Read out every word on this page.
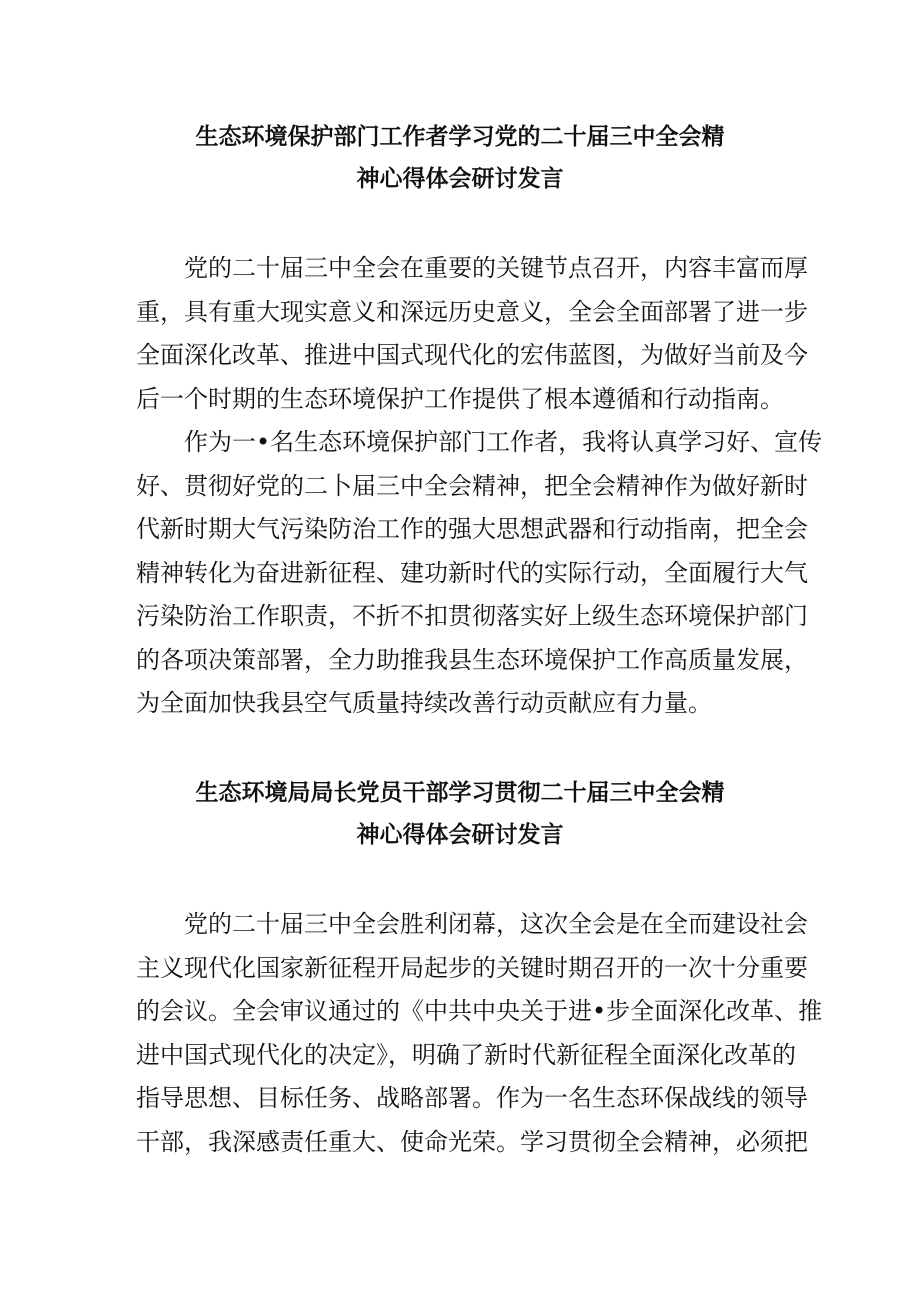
生态环境保护部门工作者学习党的二十届三中全会精
神心得体会研讨发言

党的二十届三中全会在重要的关键节点召开，内容丰富而厚
重，具有重大现实意义和深远历史意义，全会全面部署了进一步
全面深化改革、推进中国式现代化的宏伟蓝图，为做好当前及今
后一个时期的生态环境保护工作提供了根本遵循和行动指南。

作为一•名生态环境保护部门工作者，我将认真学习好、宣传
好、贯彻好党的二卜届三中全会精神，把全会精神作为做好新时
代新时期大气污染防治工作的强大思想武器和行动指南，把全会
精神转化为奋进新征程、建功新时代的实际行动，全面履行大气
污染防治工作职责，不折不扣贯彻落实好上级生态环境保护部门
的各项决策部署，全力助推我县生态环境保护工作高质量发展，
为全面加快我县空气质量持续改善行动贡献应有力量。

生态环境局局长党员干部学习贯彻二十届三中全会精
神心得体会研讨发言

党的二十届三中全会胜利闭幕，这次全会是在全而建设社会
主义现代化国家新征程开局起步的关键时期召开的一次十分重要
的会议。全会审议通过的《中共中央关于进•步全面深化改革、推
进中国式现代化的决定》，明确了新时代新征程全面深化改革的
指导思想、目标任务、战略部署。作为一名生态环保战线的领导
干部，我深感责任重大、使命光荣。学习贯彻全会精神，必须把
